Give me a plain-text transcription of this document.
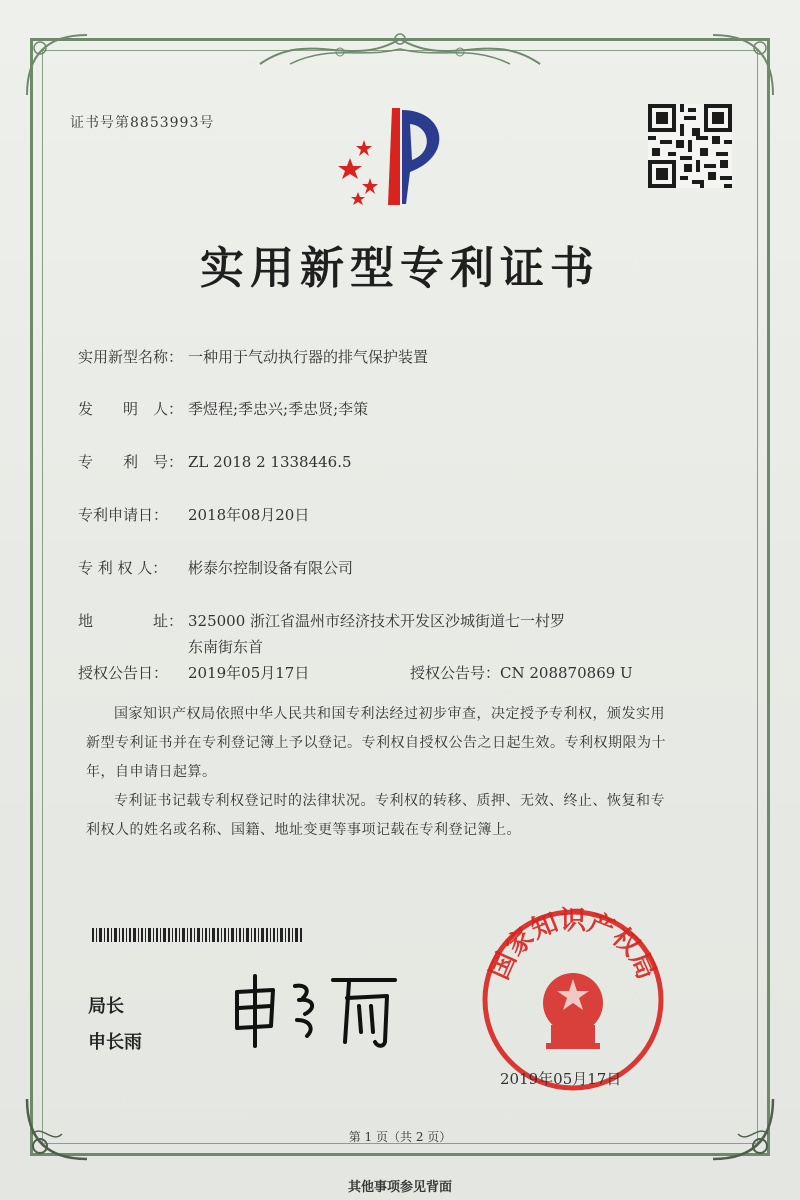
证书号第8853993号
实用新型专利证书
实用新型名称： 一种用于气动执行器的排气保护装置
发　　明　人： 季煜程;季忠兴;季忠贤;李策
专　　利　号： ZL 2018 2 1338446.5
专利申请日： 2018年08月20日
专 利 权 人： 彬泰尔控制设备有限公司
地　　　　址： 325000 浙江省温州市经济技术开发区沙城街道七一村罗
东南街东首
授权公告日： 2019年05月17日	授权公告号：CN 208870869 U
国家知识产权局依照中华人民共和国专利法经过初步审查，决定授予专利权，颁发实用
新型专利证书并在专利登记簿上予以登记。专利权自授权公告之日起生效。专利权期限为十
年，自申请日起算。
专利证书记载专利权登记时的法律状况。专利权的转移、质押、无效、终止、恢复和专
利权人的姓名或名称、国籍、地址变更等事项记载在专利登记簿上。
局长
申长雨
国家知识产权局
2019年05月17日
第 1 页（共 2 页）
其他事项参见背面
